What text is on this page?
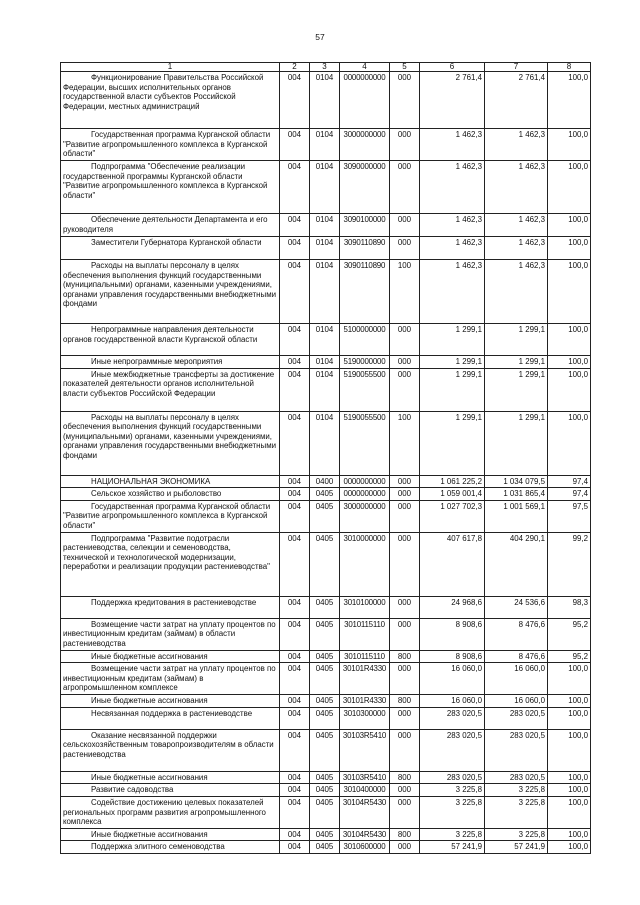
57
1	2	3	4	5	6	7	8
Функционирование Правительства Российской Федерации, высших исполнительных органов государственной власти субъектов Российской Федерации, местных администраций	004	0104	0000000000	000	2 761,4	2 761,4	100,0
Государственная программа Курганской области "Развитие агропромышленного комплекса в Курганской области"	004	0104	3000000000	000	1 462,3	1 462,3	100,0
Подпрограмма "Обеспечение реализации государственной программы Курганской области "Развитие агропромышленного комплекса в Курганской области"	004	0104	3090000000	000	1 462,3	1 462,3	100,0
Обеспечение деятельности Департамента и его руководителя	004	0104	3090100000	000	1 462,3	1 462,3	100,0
Заместители Губернатора Курганской области	004	0104	3090110890	000	1 462,3	1 462,3	100,0
Расходы на выплаты персоналу в целях обеспечения выполнения функций государственными (муниципальными) органами, казенными учреждениями, органами управления государственными внебюджетными фондами	004	0104	3090110890	100	1 462,3	1 462,3	100,0
Непрограммные направления деятельности органов государственной власти Курганской области	004	0104	5100000000	000	1 299,1	1 299,1	100,0
Иные непрограммные мероприятия	004	0104	5190000000	000	1 299,1	1 299,1	100,0
Иные межбюджетные трансферты за достижение показателей деятельности органов исполнительной власти субъектов Российской Федерации	004	0104	5190055500	000	1 299,1	1 299,1	100,0
Расходы на выплаты персоналу в целях обеспечения выполнения функций государственными (муниципальными) органами, казенными учреждениями, органами управления государственными внебюджетными фондами	004	0104	5190055500	100	1 299,1	1 299,1	100,0
НАЦИОНАЛЬНАЯ ЭКОНОМИКА	004	0400	0000000000	000	1 061 225,2	1 034 079,5	97,4
Сельское хозяйство и рыболовство	004	0405	0000000000	000	1 059 001,4	1 031 865,4	97,4
Государственная программа Курганской области "Развитие агропромышленного комплекса в Курганской области"	004	0405	3000000000	000	1 027 702,3	1 001 569,1	97,5
Подпрограмма "Развитие подотрасли растениеводства, селекции и семеноводства, технической и технологической модернизации, переработки и реализации продукции растениеводства"	004	0405	3010000000	000	407 617,8	404 290,1	99,2
Поддержка кредитования в растениеводстве	004	0405	3010100000	000	24 968,6	24 536,6	98,3
Возмещение части затрат на уплату процентов по инвестиционным кредитам (займам) в области растениеводства	004	0405	3010115110	000	8 908,6	8 476,6	95,2
Иные бюджетные ассигнования	004	0405	3010115110	800	8 908,6	8 476,6	95,2
Возмещение части затрат на уплату процентов по инвестиционным кредитам (займам) в агропромышленном комплексе	004	0405	30101R4330	000	16 060,0	16 060,0	100,0
Иные бюджетные ассигнования	004	0405	30101R4330	800	16 060,0	16 060,0	100,0
Несвязанная поддержка в растениеводстве	004	0405	3010300000	000	283 020,5	283 020,5	100,0
Оказание несвязанной поддержки сельскохозяйственным товаропроизводителям в области растениеводства	004	0405	30103R5410	000	283 020,5	283 020,5	100,0
Иные бюджетные ассигнования	004	0405	30103R5410	800	283 020,5	283 020,5	100,0
Развитие садоводства	004	0405	3010400000	000	3 225,8	3 225,8	100,0
Содействие достижению целевых показателей региональных программ развития агропромышленного комплекса	004	0405	30104R5430	000	3 225,8	3 225,8	100,0
Иные бюджетные ассигнования	004	0405	30104R5430	800	3 225,8	3 225,8	100,0
Поддержка элитного семеноводства	004	0405	3010600000	000	57 241,9	57 241,9	100,0
